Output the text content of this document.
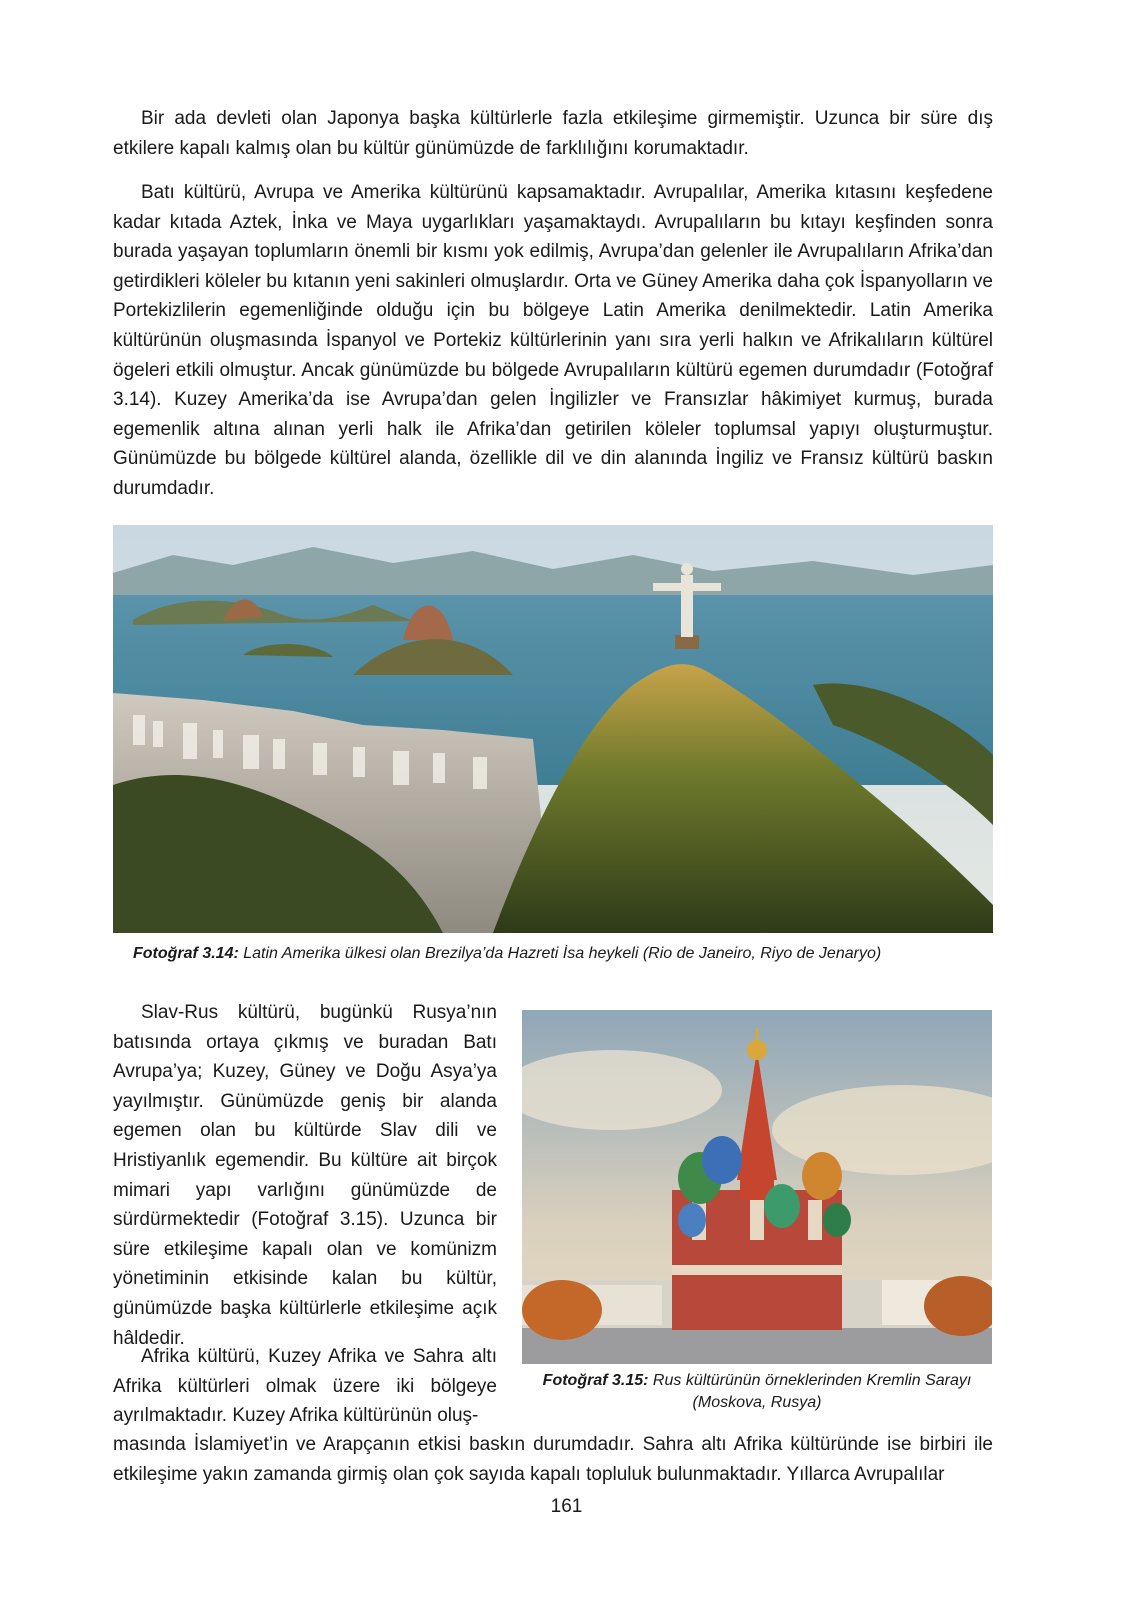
Bir ada devleti olan Japonya başka kültürlerle fazla etkileşime girmemiştir. Uzunca bir süre dış etkilere kapalı kalmış olan bu kültür günümüzde de farklılığını korumaktadır.

Batı kültürü, Avrupa ve Amerika kültürünü kapsamaktadır. Avrupalılar, Amerika kıtasını keşfedene kadar kıtada Aztek, İnka ve Maya uygarlıkları yaşamaktaydı. Avrupalıların bu kıtayı keşfinden sonra burada yaşayan toplumların önemli bir kısmı yok edilmiş, Avrupa’dan gelenler ile Avrupalıların Afrika’dan getirdikleri köleler bu kıtanın yeni sakinleri olmuşlardır. Orta ve Güney Amerika daha çok İspanyolların ve Portekizlilerin egemenliğinde olduğu için bu bölgeye Latin Amerika denilmektedir. Latin Amerika kültürünün oluşmasında İspanyol ve Portekiz kültürlerinin yanı sıra yerli halkın ve Afrikalıların kültürel ögeleri etkili olmuştur. Ancak günümüzde bu bölgede Avrupalıların kültürü egemen durumdadır (Fotoğraf 3.14). Kuzey Amerika’da ise Avrupa’dan gelen İngilizler ve Fransızlar hâkimiyet kurmuş, burada egemenlik altına alınan yerli halk ile Afrika’dan getirilen köleler toplumsal yapıyı oluşturmuştur. Günümüzde bu bölgede kültürel alanda, özellikle dil ve din alanında İngiliz ve Fransız kültürü baskın durumdadır.

Fotoğraf 3.14: Latin Amerika ülkesi olan Brezilya’da Hazreti İsa heykeli (Rio de Janeiro, Riyo de Jenaryo)

Slav-Rus kültürü, bugünkü Rusya’nın batısında ortaya çıkmış ve buradan Batı Avrupa’ya; Kuzey, Güney ve Doğu Asya’ya yayılmıştır. Günümüzde geniş bir alanda egemen olan bu kültürde Slav dili ve Hristiyanlık egemendir. Bu kültüre ait birçok mimari yapı varlığını günümüzde de sürdürmektedir (Fotoğraf 3.15). Uzunca bir süre etkileşime kapalı olan ve komünizm yönetiminin etkisinde kalan bu kültür, günümüzde başka kültürlerle etkileşime açık hâldedir.

Afrika kültürü, Kuzey Afrika ve Sahra altı Afrika kültürleri olmak üzere iki bölgeye ayrılmaktadır. Kuzey Afrika kültürünün oluş-

Fotoğraf 3.15: Rus kültürünün örneklerinden Kremlin Sarayı (Moskova, Rusya)

masında İslamiyet’in ve Arapçanın etkisi baskın durumdadır. Sahra altı Afrika kültüründe ise birbiri ile etkileşime yakın zamanda girmiş olan çok sayıda kapalı topluluk bulunmaktadır. Yıllarca Avrupalılar

161
